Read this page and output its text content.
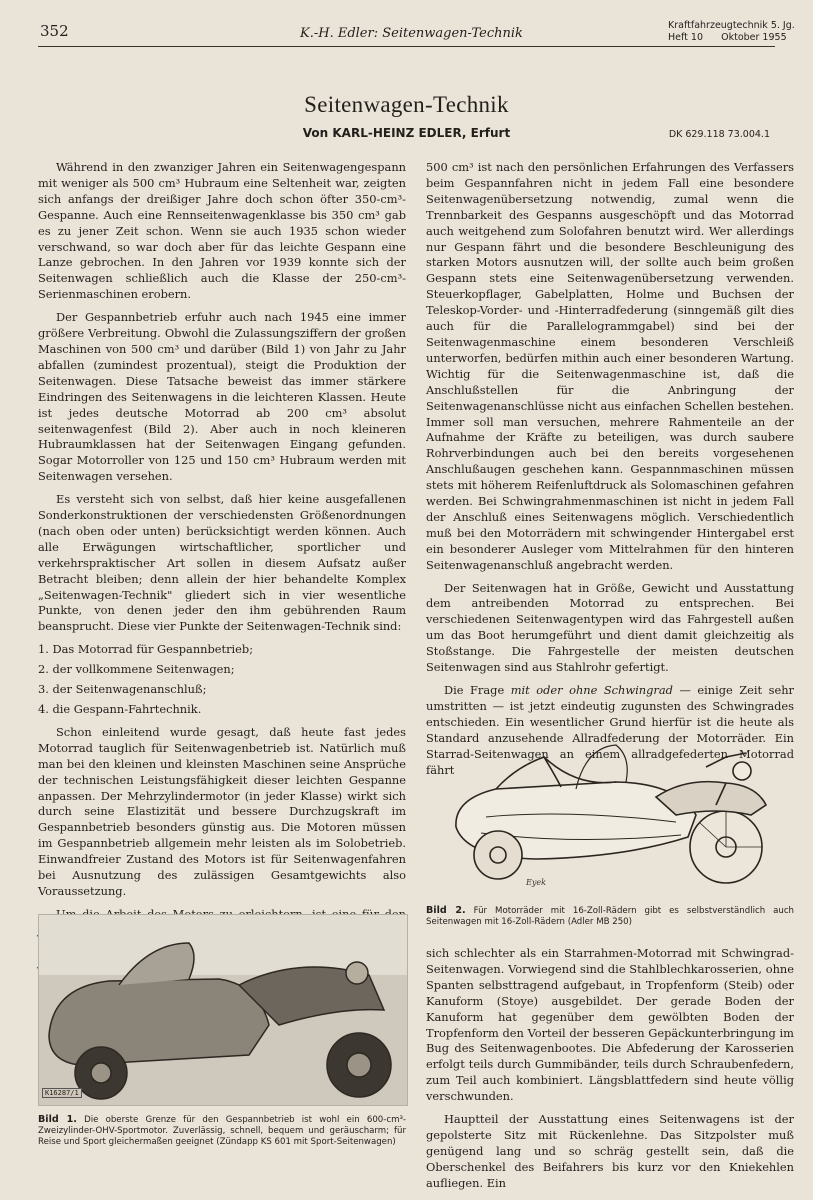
352	K.-H. Edler: Seitenwagen-Technik
Kraftfahrzeugtechnik 5. Jg.
Heft 10      Oktober 1955
Seitenwagen-Technik
Von KARL-HEINZ EDLER, Erfurt	DK 629.118 73.004.1

Während in den zwanziger Jahren ein Seitenwagengespann mit weniger als 500 cm³ Hubraum eine Seltenheit war, zeigten sich anfangs der dreißiger Jahre doch schon öfter 350-cm³-Gespanne. Auch eine Rennseitenwagenklasse bis 350 cm³ gab es zu jener Zeit schon. Wenn sie auch 1935 schon wieder verschwand, so war doch aber für das leichte Gespann eine Lanze gebrochen. In den Jahren vor 1939 konnte sich der Seitenwagen schließlich auch die Klasse der 250-cm³-Serienmaschinen erobern.

Der Gespannbetrieb erfuhr auch nach 1945 eine immer größere Verbreitung. Obwohl die Zulassungsziffern der großen Maschinen von 500 cm³ und darüber (Bild 1) von Jahr zu Jahr abfallen (zumindest prozentual), steigt die Produktion der Seitenwagen. Diese Tatsache beweist das immer stärkere Eindringen des Seitenwagens in die leichteren Klassen. Heute ist jedes deutsche Motorrad ab 200 cm³ absolut seitenwagenfest (Bild 2). Aber auch in noch kleineren Hubraumklassen hat der Seitenwagen Eingang gefunden. Sogar Motorroller von 125 und 150 cm³ Hubraum werden mit Seitenwagen versehen.

Es versteht sich von selbst, daß hier keine ausgefallenen Sonderkonstruktionen der verschiedensten Größenordnungen (nach oben oder unten) berücksichtigt werden können. Auch alle Erwägungen wirtschaftlicher, sportlicher und verkehrspraktischer Art sollen in diesem Aufsatz außer Betracht bleiben; denn allein der hier behandelte Komplex „Seitenwagen-Technik" gliedert sich in vier wesentliche Punkte, von denen jeder den ihm gebührenden Raum beansprucht. Diese vier Punkte der Seitenwagen-Technik sind:

1. Das Motorrad für Gespannbetrieb;
2. der vollkommene Seitenwagen;
3. der Seitenwagenanschluß;
4. die Gespann-Fahrtechnik.

Schon einleitend wurde gesagt, daß heute fast jedes Motorrad tauglich für Seitenwagenbetrieb ist. Natürlich muß man bei den kleinen und kleinsten Maschinen seine Ansprüche der technischen Leistungsfähigkeit dieser leichten Gespanne anpassen. Der Mehrzylindermotor (in jeder Klasse) wirkt sich durch seine Elastizität und bessere Durchzugskraft im Gespannbetrieb besonders günstig aus. Die Motoren müssen im Gespannbetrieb allgemein mehr leisten als im Solobetrieb. Einwandfreier Zustand des Motors ist für Seitenwagenfahren bei Ausnutzung des zulässigen Gesamtgewichts also Voraussetzung.

500 cm³ ist nach den persönlichen Erfahrungen des Verfassers beim Gespannfahren nicht in jedem Fall eine besondere Seitenwagenübersetzung notwendig, zumal wenn die Trennbarkeit des Gespanns ausgeschöpft und das Motorrad auch weitgehend zum Solofahren benutzt wird. Wer allerdings nur Gespann fährt und die besondere Beschleunigung des starken Motors ausnutzen will, der sollte auch beim großen Gespann stets eine Seitenwagenübersetzung verwenden. Steuerkopflager, Gabelplatten, Holme und Buchsen der Teleskop-Vorder- und -Hinterradfederung (sinngemäß gilt dies auch für die Parallelogrammgabel) sind bei der Seitenwagenmaschine einem besonderen Verschleiß unterworfen, bedürfen mithin auch einer besonderen Wartung. Wichtig für die Seitenwagenmaschine ist, daß die Anschlußstellen für die Anbringung der Seitenwagenanschlüsse nicht aus einfachen Schellen bestehen. Immer soll man versuchen, mehrere Rahmenteile an der Aufnahme der Kräfte zu beteiligen, was durch saubere Rohrverbindungen auch bei den bereits vorgesehenen Anschlußaugen geschehen kann. Gespannmaschinen müssen stets mit höherem Reifenluftdruck als Solomaschinen gefahren werden. Bei Schwingrahmenmaschinen ist nicht in jedem Fall der Anschluß eines Seitenwagens möglich. Verschiedentlich muß bei den Motorrädern mit schwingender Hintergabel erst ein besonderer Ausleger vom Mittelrahmen für den hinteren Seitenwagenanschluß angebracht werden.

Der Seitenwagen hat in Größe, Gewicht und Ausstattung dem antreibenden Motorrad zu entsprechen. Bei verschiedenen Seitenwagentypen wird das Fahrgestell außen um das Boot herumgeführt und dient damit gleichzeitig als Stoßstange. Die Fahrgestelle der meisten deutschen Seitenwagen sind aus Stahlrohr gefertigt.

Die Frage mit oder ohne Schwingrad — einige Zeit sehr umstritten — ist jetzt eindeutig zugunsten des Schwingrades entschieden. Ein wesentlicher Grund hierfür ist die heute als Standard anzusehende Allradfederung der Motorräder. Ein Starrad-Seitenwagen an einem allradgefederten Motorrad fährt

Eyek
Bild 2. Für Motorräder mit 16-Zoll-Rädern gibt es selbstverständlich auch Seitenwagen mit 16-Zoll-Rädern (Adler MB 250)
K16287/1
Bild 1. Die oberste Grenze für den Gespannbetrieb ist wohl ein 600-cm³-Zweizylinder-OHV-Sportmotor. Zuverlässig, schnell, bequem und geräuscharm; für Reise und Sport gleichermaßen geeignet (Zündapp KS 601 mit Sport-Seitenwagen)

sich schlechter als ein Starrahmen-Motorrad mit Schwingrad-Seitenwagen. Vorwiegend sind die Stahlblechkarosserien, ohne Spanten selbsttragend aufgebaut, in Tropfenform (Steib) oder Kanuform (Stoye) ausgebildet. Der gerade Boden der Kanuform hat gegenüber dem gewölbten Boden der Tropfenform den Vorteil der besseren Gepäckunterbringung im Bug des Seitenwagenbootes. Die Abfederung der Karosserien erfolgt teils durch Gummibänder, teils durch Schraubenfedern, zum Teil auch kombiniert. Längsblattfedern sind heute völlig verschwunden.

Hauptteil der Ausstattung eines Seitenwagens ist der gepolsterte Sitz mit Rückenlehne. Das Sitzpolster muß genügend lang und so schräg gestellt sein, daß die Oberschenkel des Beifahrers bis kurz vor den Kniekehlen aufliegen. Ein
